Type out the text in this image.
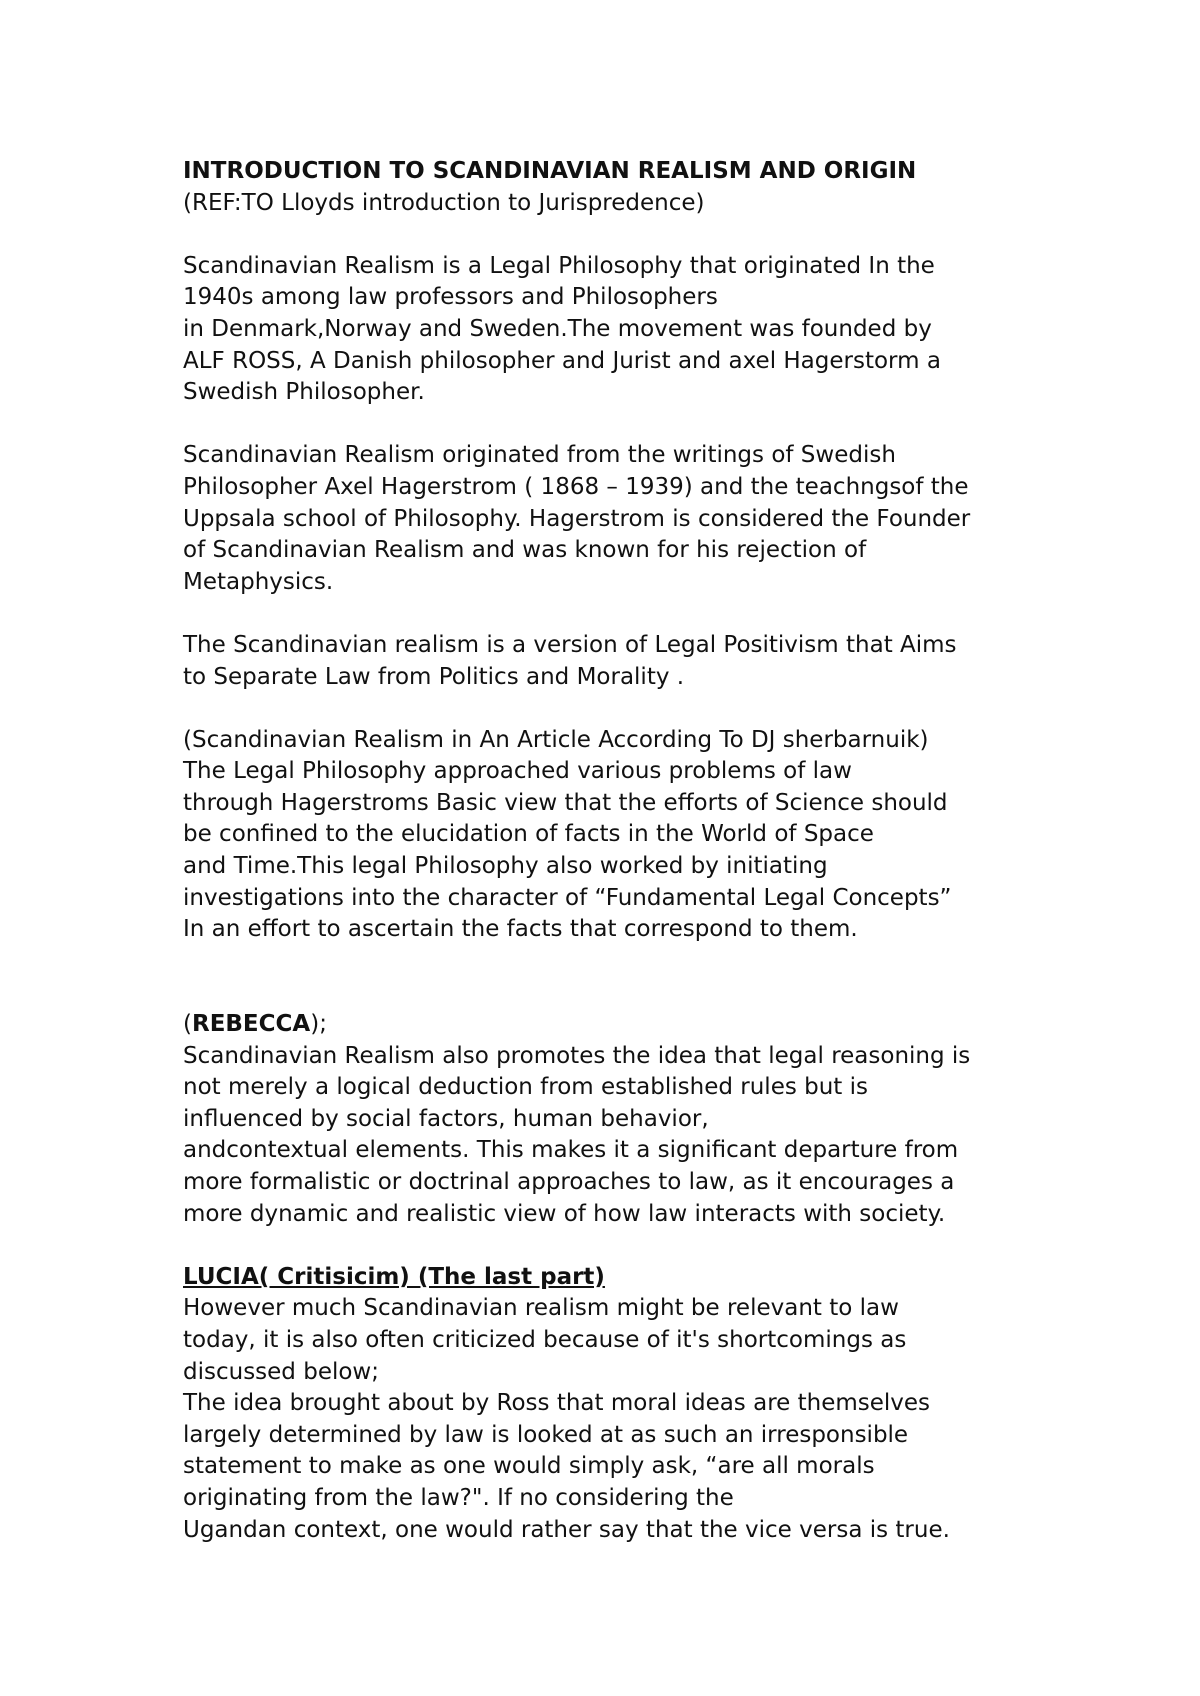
INTRODUCTION TO SCANDINAVIAN REALISM AND ORIGIN
(REF:TO Lloyds introduction to Jurispredence)
Scandinavian Realism is a Legal Philosophy that originated In the
1940s among law professors and Philosophers
in Denmark,Norway and Sweden.The movement was founded by
ALF ROSS, A Danish philosopher and Jurist and axel Hagerstorm a
Swedish Philosopher.
Scandinavian Realism originated from the writings of Swedish
Philosopher Axel Hagerstrom ( 1868 – 1939) and the teachngsof the
Uppsala school of Philosophy. Hagerstrom is considered the Founder
of Scandinavian Realism and was known for his rejection of
Metaphysics.
The Scandinavian realism is a version of Legal Positivism that Aims
to Separate Law from Politics and Morality .
(Scandinavian Realism in An Article According To DJ sherbarnuik)
The Legal Philosophy approached various problems of law
through Hagerstroms Basic view that the efforts of Science should
be confined to the elucidation of facts in the World of Space
and Time.This legal Philosophy also worked by initiating
investigations into the character of “Fundamental Legal Concepts”
In an effort to ascertain the facts that correspond to them.
(REBECCA);
Scandinavian Realism also promotes the idea that legal reasoning is
not merely a logical deduction from established rules but is
influenced by social factors, human behavior,
andcontextual elements. This makes it a significant departure from
more formalistic or doctrinal approaches to law, as it encourages a
more dynamic and realistic view of how law interacts with society.
LUCIA( Critisicim) (The last part)
However much Scandinavian realism might be relevant to law
today, it is also often criticized because of it's shortcomings as
discussed below;
The idea brought about by Ross that moral ideas are themselves
largely determined by law is looked at as such an irresponsible
statement to make as one would simply ask, “are all morals
originating from the law?". If no considering the
Ugandan context, one would rather say that the vice versa is true.
